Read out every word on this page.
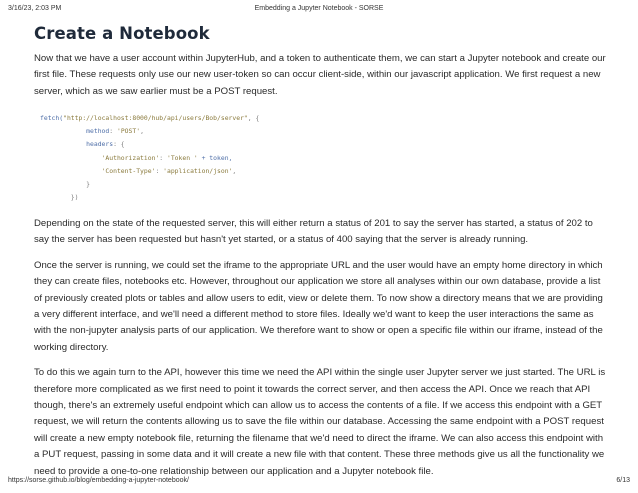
3/16/23, 2:03 PM	Embedding a Jupyter Notebook - SORSE
Create a Notebook

Now that we have a user account within JupyterHub, and a token to authenticate them, we can start a Jupyter notebook and create our first file. These requests only use our new user-token so can occur client-side, within our javascript application. We first request a new server, which as we saw earlier must be a POST request.

fetch("http://localhost:8000/hub/api/users/Bob/server", {
method: 'POST',
headers: {
'Authorization': 'Token ' + token,
'Content-Type': 'application/json',
}
})

Depending on the state of the requested server, this will either return a status of 201 to say the server has started, a status of 202 to say the server has been requested but hasn't yet started, or a status of 400 saying that the server is already running.

Once the server is running, we could set the iframe to the appropriate URL and the user would have an empty home directory in which they can create files, notebooks etc. However, throughout our application we store all analyses within our own database, provide a list of previously created plots or tables and allow users to edit, view or delete them. To now show a directory means that we are providing a very different interface, and we'll need a different method to store files. Ideally we'd want to keep the user interactions the same as with the non-jupyter analysis parts of our application. We therefore want to show or open a specific file within our iframe, instead of the working directory.

To do this we again turn to the API, however this time we need the API within the single user Jupyter server we just started. The URL is therefore more complicated as we first need to point it towards the correct server, and then access the API. Once we reach that API though, there's an extremely useful endpoint which can allow us to access the contents of a file. If we access this endpoint with a GET request, we will return the contents allowing us to save the file within our database. Accessing the same endpoint with a POST request will create a new empty notebook file, returning the filename that we'd need to direct the iframe. We can also access this endpoint with a PUT request, passing in some data and it will create a new file with that content. These three methods give us all the functionality we need to provide a one-to-one relationship between our application and a Jupyter notebook file.

https://sorse.github.io/blog/embedding-a-jupyter-notebook/	6/13
